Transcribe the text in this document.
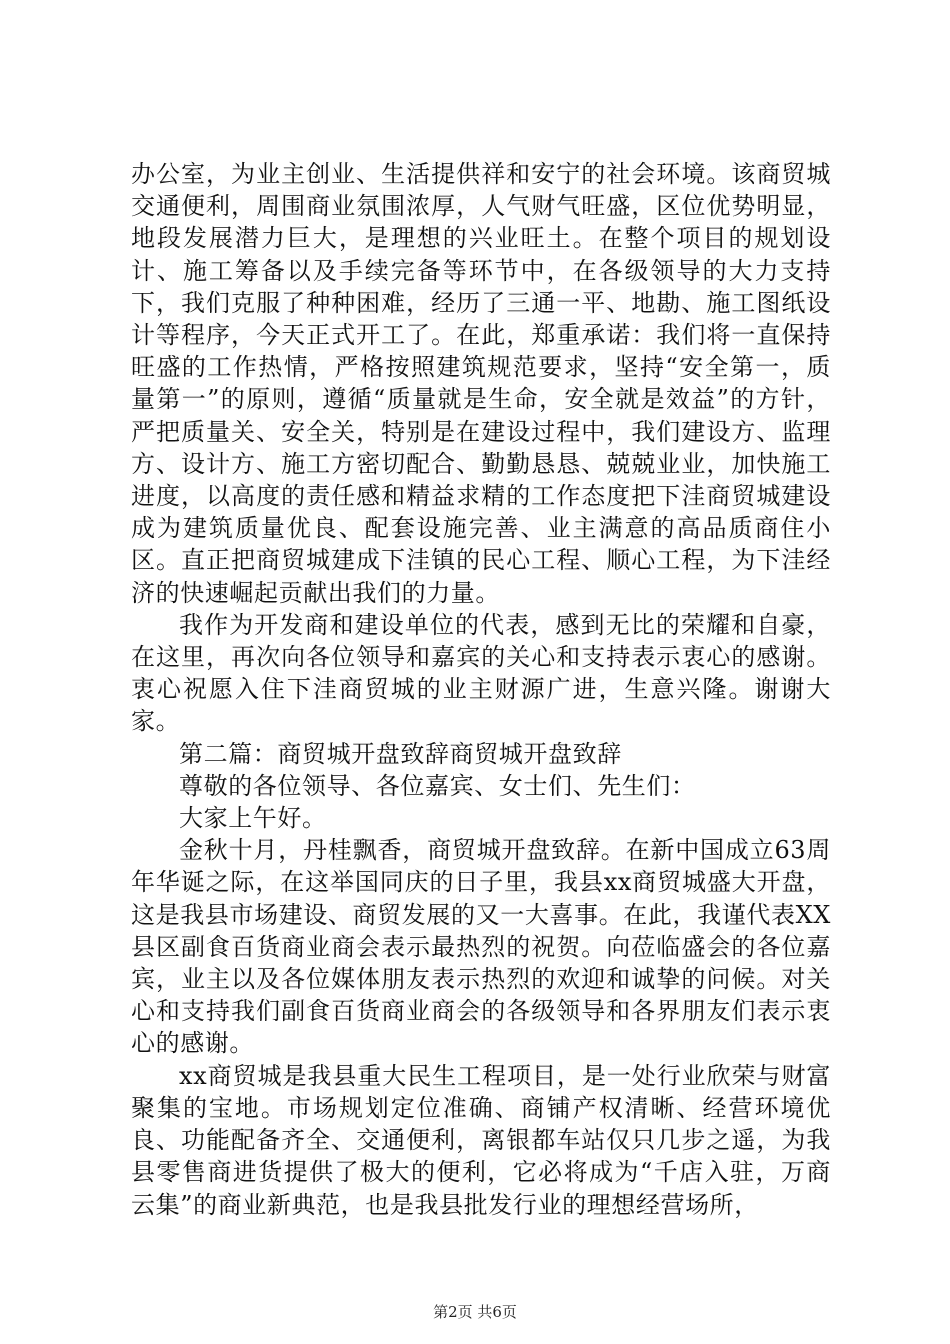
办公室，为业主创业、生活提供祥和安宁的社会环境。该商贸城交通便利，周围商业氛围浓厚，人气财气旺盛，区位优势明显，地段发展潜力巨大，是理想的兴业旺土。在整个项目的规划设计、施工筹备以及手续完备等环节中，在各级领导的大力支持下，我们克服了种种困难，经历了三通一平、地勘、施工图纸设计等程序，今天正式开工了。在此，郑重承诺：我们将一直保持旺盛的工作热情，严格按照建筑规范要求，坚持“安全第一，质量第一”的原则，遵循“质量就是生命，安全就是效益”的方针，严把质量关、安全关，特别是在建设过程中，我们建设方、监理方、设计方、施工方密切配合、勤勤恳恳、兢兢业业，加快施工进度，以高度的责任感和精益求精的工作态度把下洼商贸城建设成为建筑质量优良、配套设施完善、业主满意的高品质商住小区。直正把商贸城建成下洼镇的民心工程、顺心工程，为下洼经济的快速崛起贡献出我们的力量。

我作为开发商和建设单位的代表，感到无比的荣耀和自豪，在这里，再次向各位领导和嘉宾的关心和支持表示衷心的感谢。衷心祝愿入住下洼商贸城的业主财源广进，生意兴隆。谢谢大家。

第二篇：商贸城开盘致辞商贸城开盘致辞

尊敬的各位领导、各位嘉宾、女士们、先生们：

大家上午好。

金秋十月，丹桂飘香，商贸城开盘致辞。在新中国成立63周年华诞之际，在这举国同庆的日子里，我县xx商贸城盛大开盘，这是我县市场建设、商贸发展的又一大喜事。在此，我谨代表XX县区副食百货商业商会表示最热烈的祝贺。向莅临盛会的各位嘉宾，业主以及各位媒体朋友表示热烈的欢迎和诚挚的问候。对关心和支持我们副食百货商业商会的各级领导和各界朋友们表示衷心的感谢。

xx商贸城是我县重大民生工程项目，是一处行业欣荣与财富聚集的宝地。市场规划定位准确、商铺产权清晰、经营环境优良、功能配备齐全、交通便利，离银都车站仅只几步之遥，为我县零售商进货提供了极大的便利，它必将成为“千店入驻，万商云集”的商业新典范，也是我县批发行业的理想经营场所，

第2页 共6页
